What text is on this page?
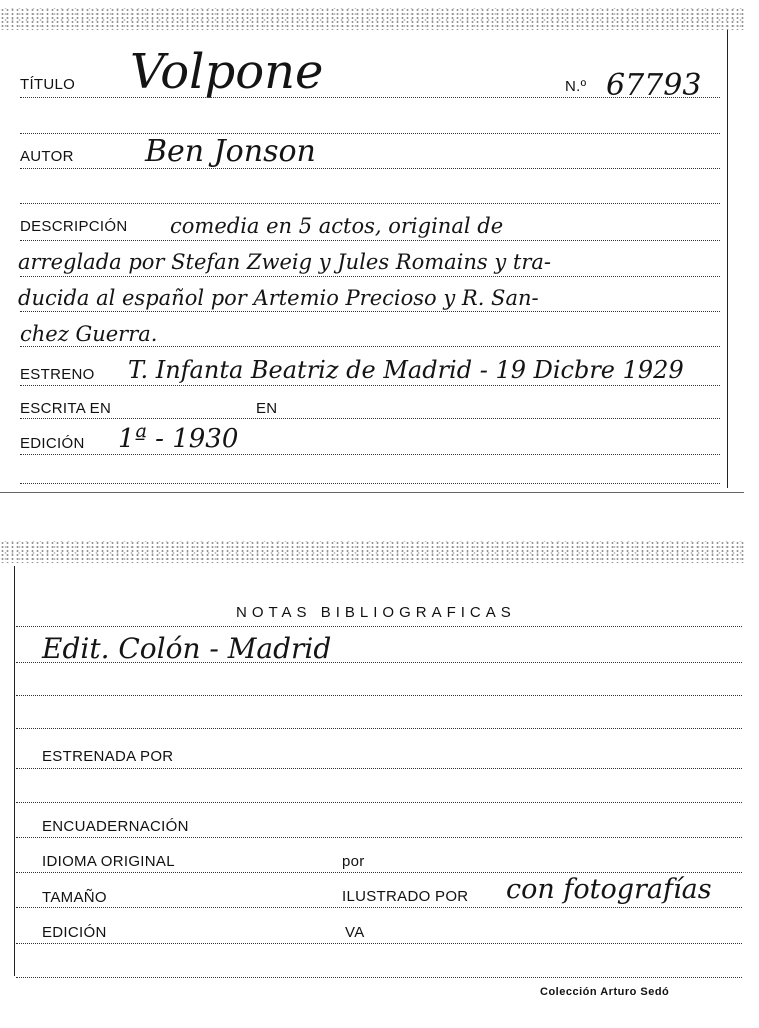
TÍTULO Volpone	N.º 67793
AUTOR Ben Jonson
DESCRIPCIÓN comedia en 5 actos, original de
arreglada por Stefan Zweig y Jules Romains y tra-
ducida al español por Artemio Precioso y R. San-
chez Guerra.
ESTRENO T. Infanta Beatriz de Madrid - 19 Dicbre 1929
ESCRITA EN	EN
EDICIÓN 1ª - 1930
NOTAS BIBLIOGRAFICAS
Edit. Colón - Madrid
ESTRENADA POR
ENCUADERNACIÓN
IDIOMA ORIGINAL	por
TAMAÑO	ILUSTRADO POR con fotografías
EDICIÓN	VA
Colección Arturo Sedó
